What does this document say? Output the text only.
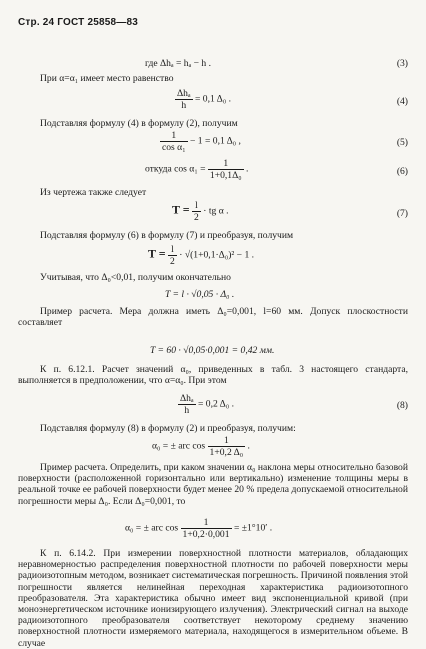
Стр. 24 ГОСТ 25858—83
где Δhₐ = hₐ − h .	(3)
При α=α₁ имеет место равенство
$\frac{\text{Δhₐ}}{h} = 0,1$ Δ₀ .	(4)
Подставляя формулу (4) в формулу (2), получим
$\frac{1}{\text{cos α₁}} - 1 = 0,1$ Δ₀ ,	(5)
откуда $\cos \alpha_1 = \frac{1}{\text{1+0,1Δ₀}}$ .	(6)
Из чертежа также следует
$T = \frac{l}{2}$ · tg α .	(7)
Подставляя формулу (6) в формулу (7) и преобразуя, получим
$T = \frac{l}{2} \cdot √(1+0,1\cdot\Delta_0)^2 - 1$ .
Учитывая, что Δ₀<0,01, получим окончательно
T = l · √0,05 · Δ₀ .
Пример расчета. Мера должна иметь Δ₀=0,001, l=60 мм. Допуск плоскостности составляет
T = 60 · √0,05·0,001 = 0,42 мм.
К п. 6.12.1. Расчет значений α₀, приведенных в табл. 3 настоящего стандарта, выполняется в предположении, что α=α₀. При этом
$\frac{\text{Δhₐ}}{h} = 0,2$ Δ₀ .	(8)
Подставляя формулу (8) в формулу (2) и преобразуя, получим:
α₀ = ± arc $\cos \frac{1}{\text{1+0,2 Δ₀}}$ .
Пример расчета. Определить, при каком значении α₀ наклона меры относительно базовой поверхности (расположенной горизонтально или вертикально) изменение толщины меры в реальной точке ее рабочей поверхности будет менее 20 % предела допускаемой относительной погрешности меры Δ₀. Если Δ₀=0,001, то
α₀ = ± arc $\cos \frac{1}{1+0,2\cdot 0,001} = \pm 1^\circ 10'$ .
К п. 6.14.2. При измерении поверхностной плотности материалов, обладающих неравномерностью распределения поверхностной плотности по рабочей поверхности меры радиоизотопным методом, возникает систематическая погрешность. Причиной появления этой погрешности является нелинейная переходная характеристика радиоизотопного преобразователя. Эта характеристика обычно имеет вид экспоненциальной кривой (при моноэнергетическом источнике ионизирующего излучения). Электрический сигнал на выходе радиоизотопного преобразователя соответствует некоторому среднему значению поверхностной плотности измеряемого материала, находящегося в измерительном объеме. В случае
